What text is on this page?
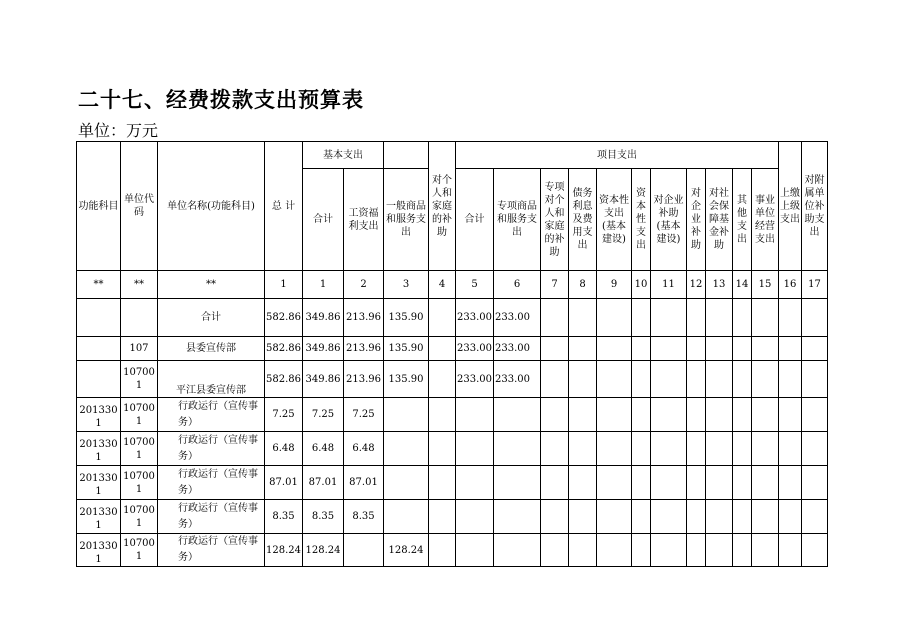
二十七、经费拨款支出预算表
单位：万元
功能科目	单位代码	单位名称(功能科目)	总 计	基本支出			对个人和家庭的补助	项目支出											上缴上级支出	对附属单位补助支出
				合计	工资福利支出	一般商品和服务支出		合计	专项商品和服务支出	专项对个人和家庭的补助	债务利息及费用支出	资本性支出(基本建设)	资本性支出	对企业补助(基本建设)	对企业补助	对社会保障基金补助	其他支出	事业单位经营支出		
**	**	**	1	1	2	3	4	5	6	7	8	9	10	11	12	13	14	15	16	17
		合计	582.86	349.86	213.96	135.90		233.00	233.00											
	107	县委宣传部	582.86	349.86	213.96	135.90		233.00	233.00											
	107001	平江县委宣传部	582.86	349.86	213.96	135.90		233.00	233.00											
2013301	107001	行政运行（宣传事务）	7.25	7.25	7.25															
2013301	107001	行政运行（宣传事务）	6.48	6.48	6.48															
2013301	107001	行政运行（宣传事务）	87.01	87.01	87.01															
2013301	107001	行政运行（宣传事务）	8.35	8.35	8.35															
2013301	107001	行政运行（宣传事务）	128.24	128.24		128.24														
